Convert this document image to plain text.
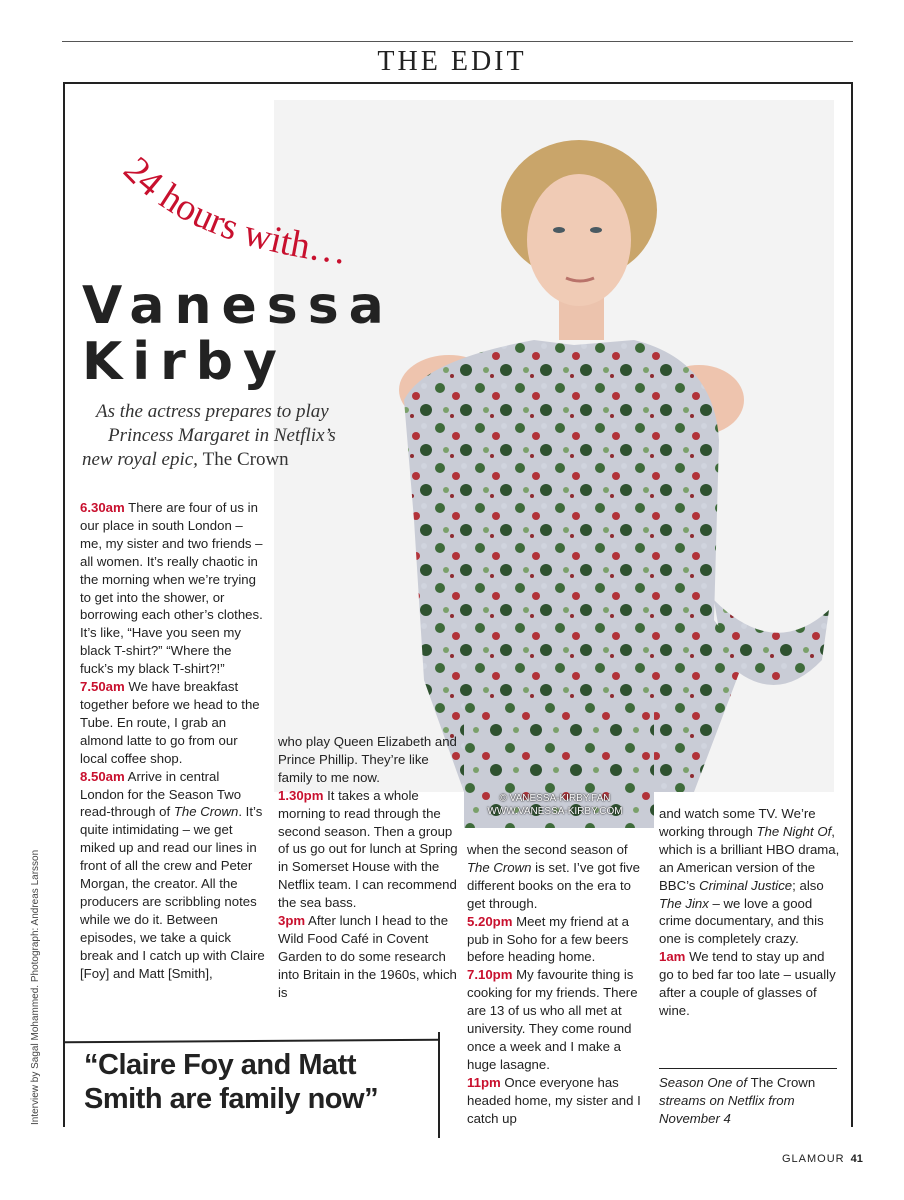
THE EDIT
© VANESSA-KIRBY.FAN
WWW.VANESSA-KIRBY.COM
24 hours with…
Vanessa
Kirby
As the actress prepares to play
Princess Margaret in Netflix’s
new royal epic, The Crown

6.30am There are four of us in our place in south London – me, my sister and two friends – all women. It’s really chaotic in the morning when we’re trying to get into the shower, or borrowing each other’s clothes. It’s like, “Have you seen my black T-shirt?” “Where the fuck’s my black T-shirt?!”
7.50am We have breakfast together before we head to the Tube. En route, I grab an almond latte to go from our local coffee shop.
8.50am Arrive in central London for the Season Two read-through of The Crown. It’s quite intimidating – we get miked up and read our lines in front of all the crew and Peter Morgan, the creator. All the producers are scribbling notes while we do it. Between episodes, we take a quick break and I catch up with Claire [Foy] and Matt [Smith],

who play Queen Elizabeth and Prince Phillip. They’re like family to me now.
1.30pm It takes a whole morning to read through the second season. Then a group of us go out for lunch at Spring in Somerset House with the Netflix team. I can recommend the sea bass.
3pm After lunch I head to the Wild Food Café in Covent Garden to do some research into Britain in the 1960s, which is

when the second season of The Crown is set. I’ve got five different books on the era to get through.
5.20pm Meet my friend at a pub in Soho for a few beers before heading home.
7.10pm My favourite thing is cooking for my friends. There are 13 of us who all met at university. They come round once a week and I make a huge lasagne.
11pm Once everyone has headed home, my sister and I catch up

and watch some TV. We’re working through The Night Of, which is a brilliant HBO drama, an American version of the BBC’s Criminal Justice; also The Jinx – we love a good crime documentary, and this one is completely crazy.
1am We tend to stay up and go to bed far too late – usually after a couple of glasses of wine.

“Claire Foy and Matt Smith are family now”
Season One of The Crown streams on Netflix from November 4
Interview by Sagal Mohammed. Photograph: Andreas Larsson
GLAMOUR 41
